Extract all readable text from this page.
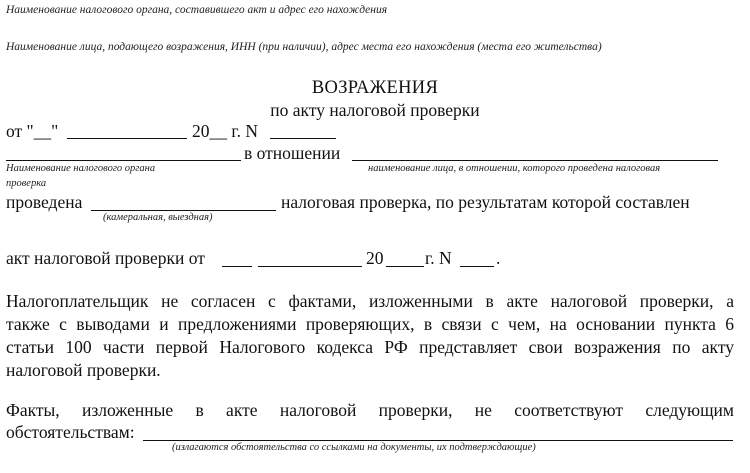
Наименование налогового органа, составившего акт и адрес его нахождения
Наименование лица, подающего возражения, ИНН (при наличии), адрес места его нахождения (места его жительства)
ВОЗРАЖЕНИЯ
по акту налоговой проверки
от "__"	20__ г. N
в отношении
Наименование налогового органа	наименование лица, в отношении, которого проведена налоговая
проверка
проведена	налоговая проверка, по результатам которой составлен
(камеральная, выездная)
акт налоговой проверки от	20 г. N	.
Налогоплательщик не согласен с фактами, изложенными в акте налоговой проверки, а
также с выводами и предложениями проверяющих, в связи с чем, на основании пункта 6
статьи 100 части первой Налогового кодекса РФ представляет свои возражения по акту
налоговой проверки.
Факты, изложенные в акте налоговой проверки, не соответствуют следующим
обстоятельствам:
(излагаются обстоятельства со ссылками на документы, их подтверждающие)
